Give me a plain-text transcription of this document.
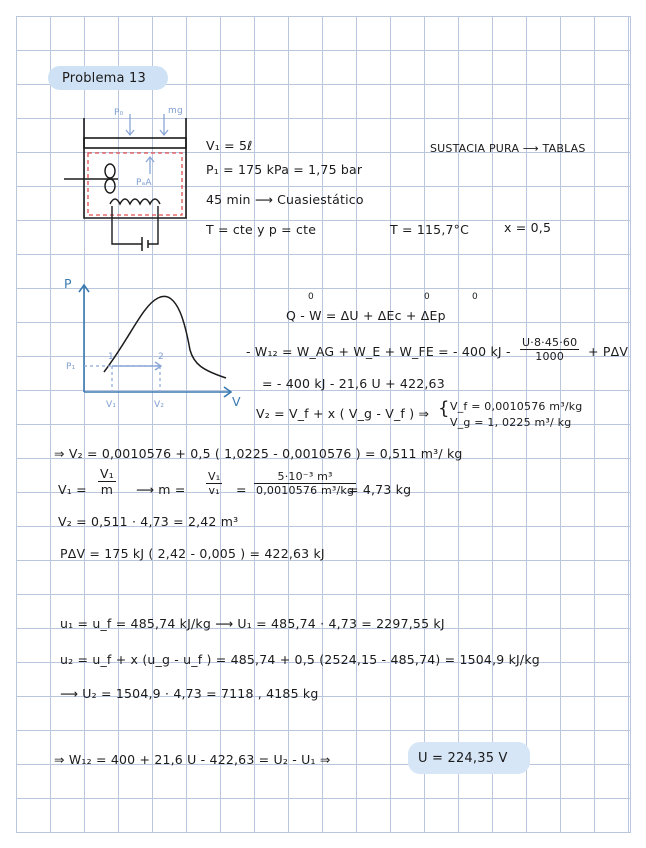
Problema 13
P₀	mg
PₐA
V₁ = 5ℓ
P₁ = 175 kPa = 1,75 bar
45 min ⟶ Cuasiestático
T = cte y p = cte	T = 115,7°C	x = 0,5
SUSTACIA PURA ⟶ TABLAS
P
V
P₁
1	2
V₁	V₂
0	0	0
Q - W = ΔU + ΔEc + ΔEp
- W₁₂ = W_AG + W_E + W_FE = - 400 kJ - $\frac{U\cdot 8\cdot 45\cdot 60}{1000} + P\Delta V$
= - 400 kJ - 21,6 U + 422,63
V₂ = V_f + x ( V_g - V_f ) ⇒ { V_f = 0,0010576 m³/kg
V_g = 1, 0225 m³/ kg
⇒ V₂ = 0,0010576 + 0,5 ( 1,0225 - 0,0010576 ) = 0,511 m³/ kg
$V_1 = \frac{\text{V₁}}{m}$ ⟶ $m = \frac{\text{V₁}}{\text{v₁}} = \frac{\text{5·10⁻³ m³}}{\text{0,0010576 m³/kg}}$
= 4,73 kg
V₂ = 0,511 · 4,73 = 2,42 m³
PΔV = 175 kJ ( 2,42 - 0,005 ) = 422,63 kJ
u₁ = u_f = 485,74 kJ/kg ⟶ U₁ = 485,74 · 4,73 = 2297,55 kJ
u₂ = u_f + x (u_g - u_f ) = 485,74 + 0,5 (2524,15 - 485,74) = 1504,9 kJ/kg
⟶ U₂ = 1504,9 · 4,73 = 7118 , 4185 kg
⇒ W₁₂ = 400 + 21,6 U - 422,63 = U₂ - U₁ ⇒	U = 224,35 V
